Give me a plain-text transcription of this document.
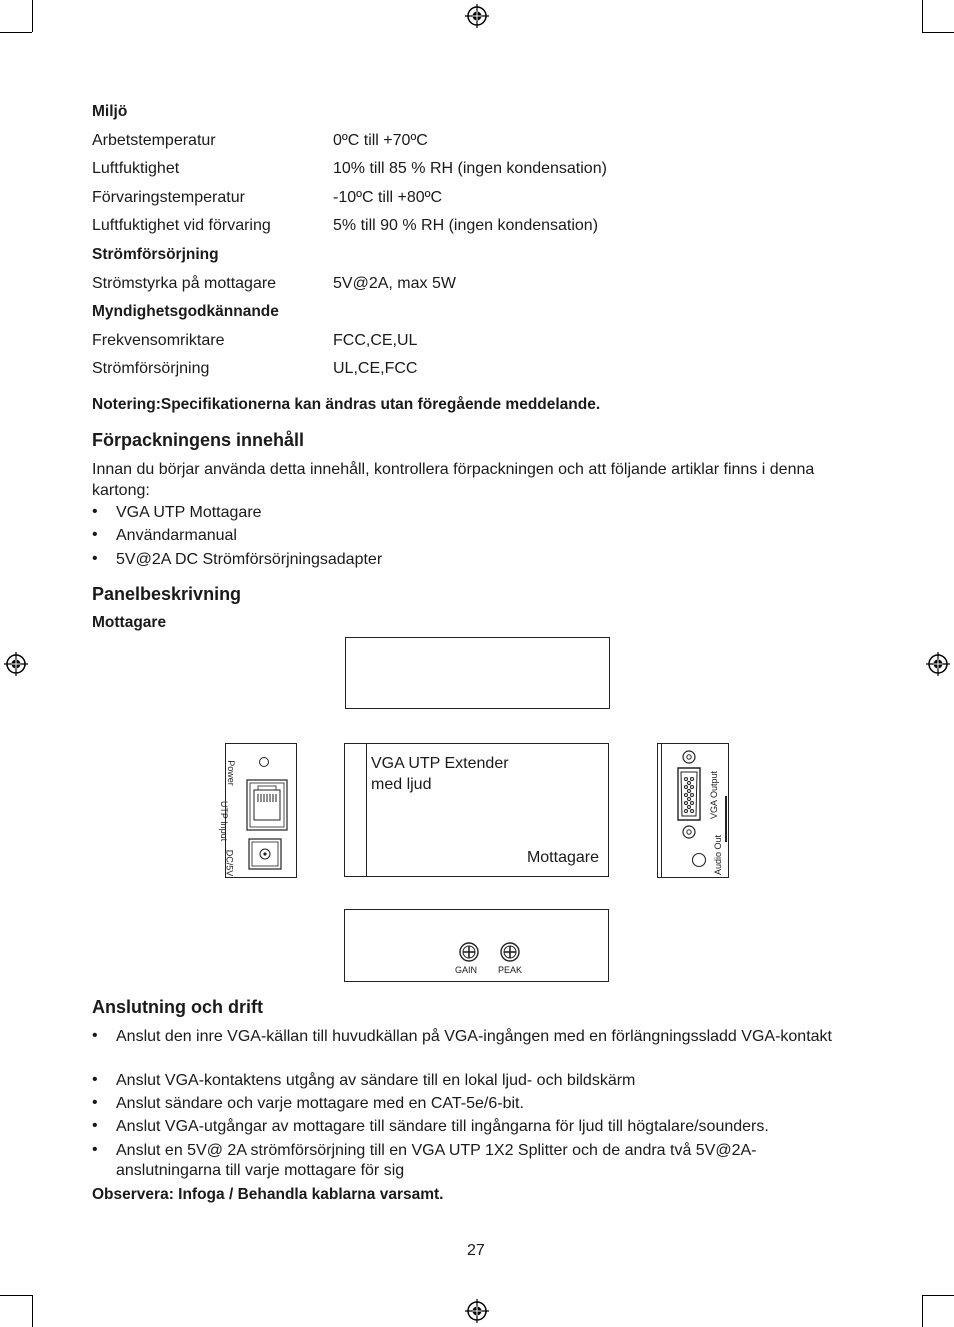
Miljö
Arbetstemperatur	0ºC till +70ºC
Luftfuktighet	10% till 85 % RH (ingen kondensation)
Förvaringstemperatur	-10ºC till +80ºC
Luftfuktighet vid förvaring	5% till 90 % RH (ingen kondensation)
Strömförsörjning
Strömstyrka på mottagare	5V@2A, max 5W
Myndighetsgodkännande
Frekvensomriktare	FCC,CE,UL
Strömförsörjning	UL,CE,FCC
Notering:Specifikationerna kan ändras utan föregående meddelande.
Förpackningens innehåll
Innan du börjar använda detta innehåll, kontrollera förpackningen och att följande artiklar finns i denna kartong:
• VGA UTP Mottagare
• Användarmanual
• 5V@2A DC Strömförsörjningsadapter
Panelbeskrivning
Mottagare
Power
UTP Input
DC/5V
VGA UTP Extender
med ljud
Mottagare
VGA Output
Audio Out
GAIN PEAK
Anslutning och drift
• Anslut den inre VGA-källan till huvudkällan på VGA-ingången med en förlängningssladd VGA-kontakt
• Anslut VGA-kontaktens utgång av sändare till en lokal ljud- och bildskärm
• Anslut sändare och varje mottagare med en CAT-5e/6-bit.
• Anslut VGA-utgångar av mottagare till sändare till ingångarna för ljud till högtalare/sounders.
• Anslut en 5V@ 2A strömförsörjning till en VGA UTP 1X2 Splitter och de andra två 5V@2A-anslutningarna till varje mottagare för sig
Observera: Infoga / Behandla kablarna varsamt.
27
